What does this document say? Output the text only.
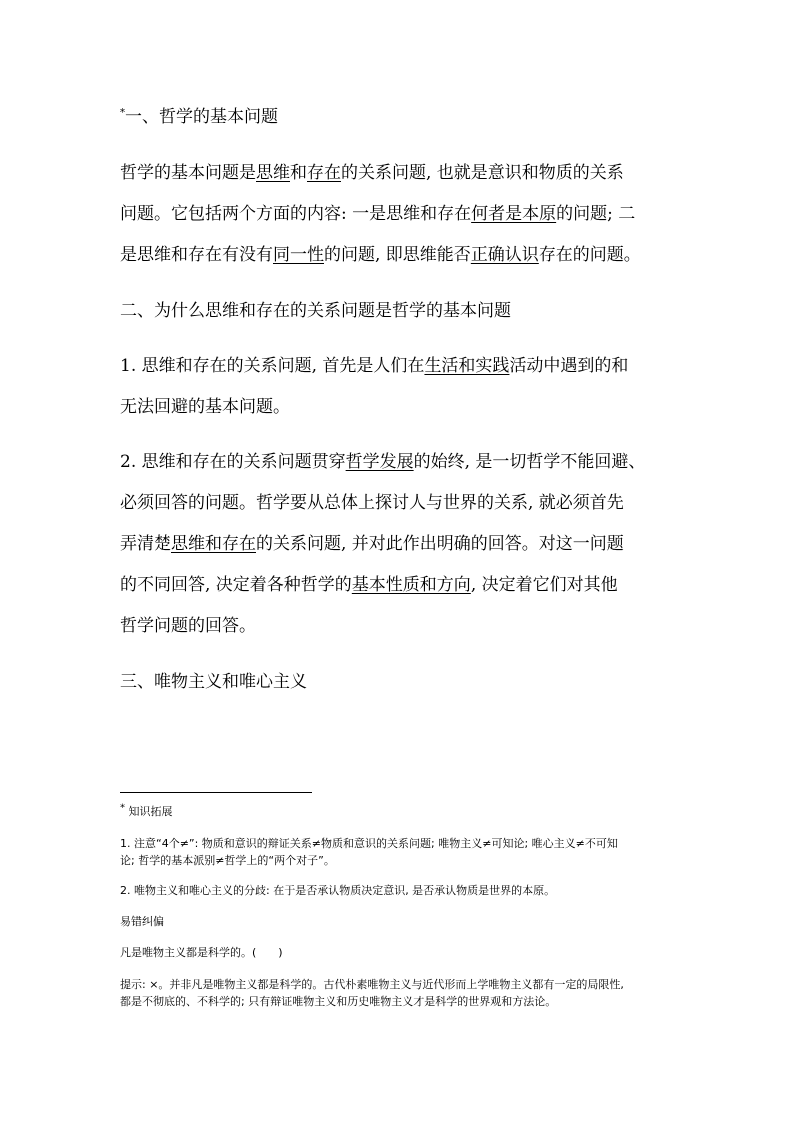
*一、哲学的基本问题
哲学的基本问题是思维和存在的关系问题, 也就是意识和物质的关系
问题。它包括两个方面的内容: 一是思维和存在何者是本原的问题; 二
是思维和存在有没有同一性的问题, 即思维能否正确认识存在的问题。
二、为什么思维和存在的关系问题是哲学的基本问题
1. 思维和存在的关系问题, 首先是人们在生活和实践活动中遇到的和
无法回避的基本问题。
2. 思维和存在的关系问题贯穿哲学发展的始终, 是一切哲学不能回避、
必须回答的问题。哲学要从总体上探讨人与世界的关系, 就必须首先
弄清楚思维和存在的关系问题, 并对此作出明确的回答。对这一问题
的不同回答, 决定着各种哲学的基本性质和方向, 决定着它们对其他
哲学问题的回答。
三、唯物主义和唯心主义
* 知识拓展
1. 注意“4个≠”: 物质和意识的辩证关系≠物质和意识的关系问题; 唯物主义≠可知论; 唯心主义≠不可知
论; 哲学的基本派别≠哲学上的“两个对子”。
2. 唯物主义和唯心主义的分歧: 在于是否承认物质决定意识, 是否承认物质是世界的本原。
易错纠偏
凡是唯物主义都是科学的。(　　)
提示: ×。并非凡是唯物主义都是科学的。古代朴素唯物主义与近代形而上学唯物主义都有一定的局限性,
都是不彻底的、不科学的; 只有辩证唯物主义和历史唯物主义才是科学的世界观和方法论。
